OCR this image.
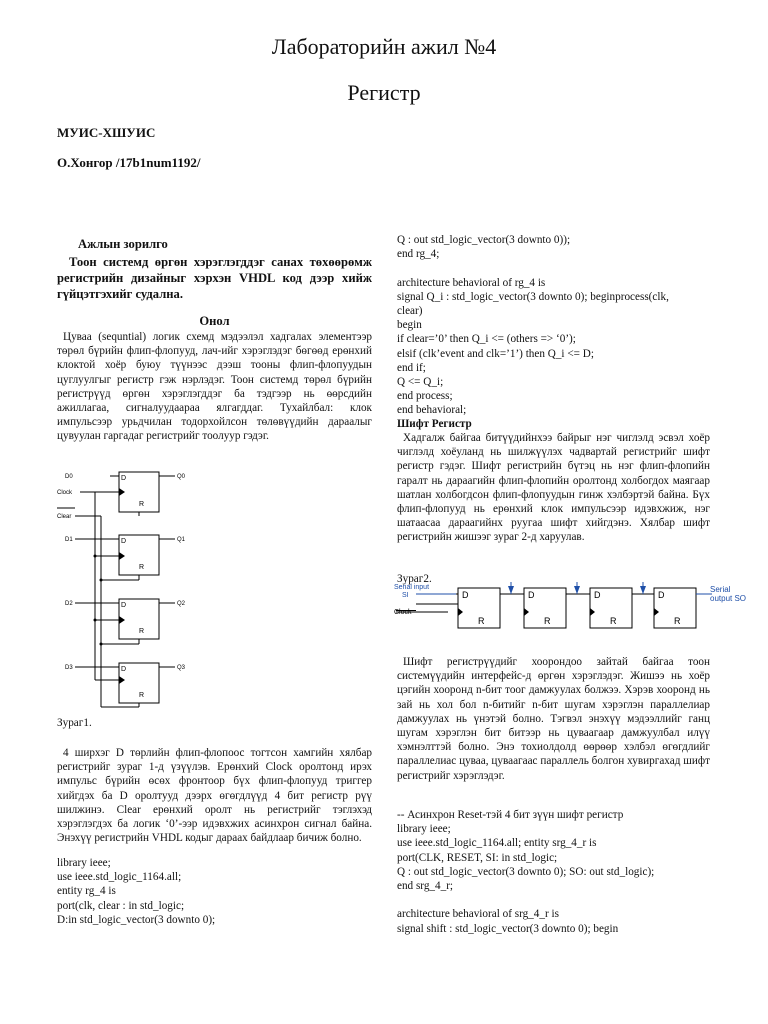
Лабораторийн ажил №4
Регистр
МУИС-ХШУИС
О.Хонгор /17b1num1192/
Ажлын зорилго
Тоон системд өргөн хэрэглэгддэг санах төхөөрөмж регистрийн дизайныг хэрхэн VHDL код дээр хийж гүйцэтгэхийг судална.
Онол
Цуваа (sequntial) логик схемд мэдээлэл хадгалах элементээр төрөл бүрийн флип-флопууд, лач-ийг хэрэглэдэг бөгөөд ерөнхий клоктой хоёр буюу түүнээс дээш тооны флип-флопуудын цуглуулгыг регистр гэж нэрлэдэг. Тоон системд төрөл бүрийн регистрүүд өргөн хэрэглэгддэг ба тэдгээр нь өөрсдийн ажиллагаа, сигналуудаараа ялгагддаг. Тухайлбал: клок импульсээр урьдчилан тодорхойлсон төлөвүүдийн дараалыг цувуулан гаргадаг регистрийг тоолуур гэдэг.
D
R
D
R
D
R
D
R
D0
Clock
Clear
D1
D2
D3
Q0
Q1
Q2
Q3
Зураг1.
4 ширхэг D төрлийн флип-флопоос тогтсон хамгийн хялбар регистрийг зураг 1-д үзүүлэв. Ерөнхий Clock оролтонд ирэх импульс бүрийн өсөх фронтоор бүх флип-флопууд триггер хийгдэх ба D оролтууд дээрх өгөгдлүүд 4 бит регистр рүү шилжинэ. Clear ерөнхий оролт нь регистрийг тэглэхэд хэрэглэгдэх ба логик ‘0’-ээр идэвхжих асинхрон сигнал байна. Энэхүү регистрийн VHDL кодыг дараах байдлаар бичиж болно.
library ieee;
use ieee.std_logic_1164.all;
entity rg_4 is
port(clk, clear : in std_logic;
D:in std_logic_vector(3 downto 0);
Q : out std_logic_vector(3 downto 0));
end rg_4;

architecture behavioral of rg_4 is
signal Q_i : std_logic_vector(3 downto 0); beginprocess(clk,
clear)
begin
if clear=’0’ then Q_i <= (others => ‘0’);
elsif (clk’event and clk=’1’) then Q_i <= D;
end if;
Q <= Q_i;
end process;
end behavioral;
Шифт Регистр
Хадгалж байгаа битүүдийнхээ байрыг нэг чиглэлд эсвэл хоёр чиглэлд хоёуланд нь шилжүүлэх чадвартай регистрийг шифт регистр гэдэг. Шифт регистрийн бүтэц нь нэг флип-флопийн гаралт нь дараагийн флип-флопийн оролтонд холбогдох маягаар шатлан холбогдсон флип-флопуудын гинж хэлбэртэй байна. Бүх флип-флопууд нь ерөнхий клок импульсээр идэвхжиж, нэг шатаасаа дараагийнх руугаа шифт хийгдэнэ. Хялбар шифт регистрийн жишээг зураг 2-д харуулав.
Зураг2.
D
R
D
R
D
R
D
R
Clock
Serial input
SI
Serial
output SO
Шифт регистрүүдийг хоорондоо зайтай байгаа тоон системүүдийн интерфейс-д өргөн хэрэглэдэг. Жишээ нь хоёр цэгийн хооронд n-бит тоог дамжуулах болжээ. Хэрэв хооронд нь зай нь хол бол n-битийг n-бит шугам хэрэглэн параллелиар дамжуулах нь үнэтэй болно. Тэгвэл энэхүү мэдээллийг ганц шугам хэрэглэн бит битээр нь цуваагаар дамжуулбал илүү хэмнэлттэй болно. Энэ тохиолдолд өөрөөр хэлбэл өгөгдлийг параллелиас цуваа, цуваагаас параллель болгон хувиргахад шифт регистрийг хэрэглэдэг.
-- Асинхрон Reset-тэй 4 бит зүүн шифт регистр
library ieee;
use ieee.std_logic_1164.all; entity srg_4_r is
port(CLK, RESET, SI: in std_logic;
Q : out std_logic_vector(3 downto 0); SO: out std_logic);
end srg_4_r;

architecture behavioral of srg_4_r is
signal shift : std_logic_vector(3 downto 0); begin
